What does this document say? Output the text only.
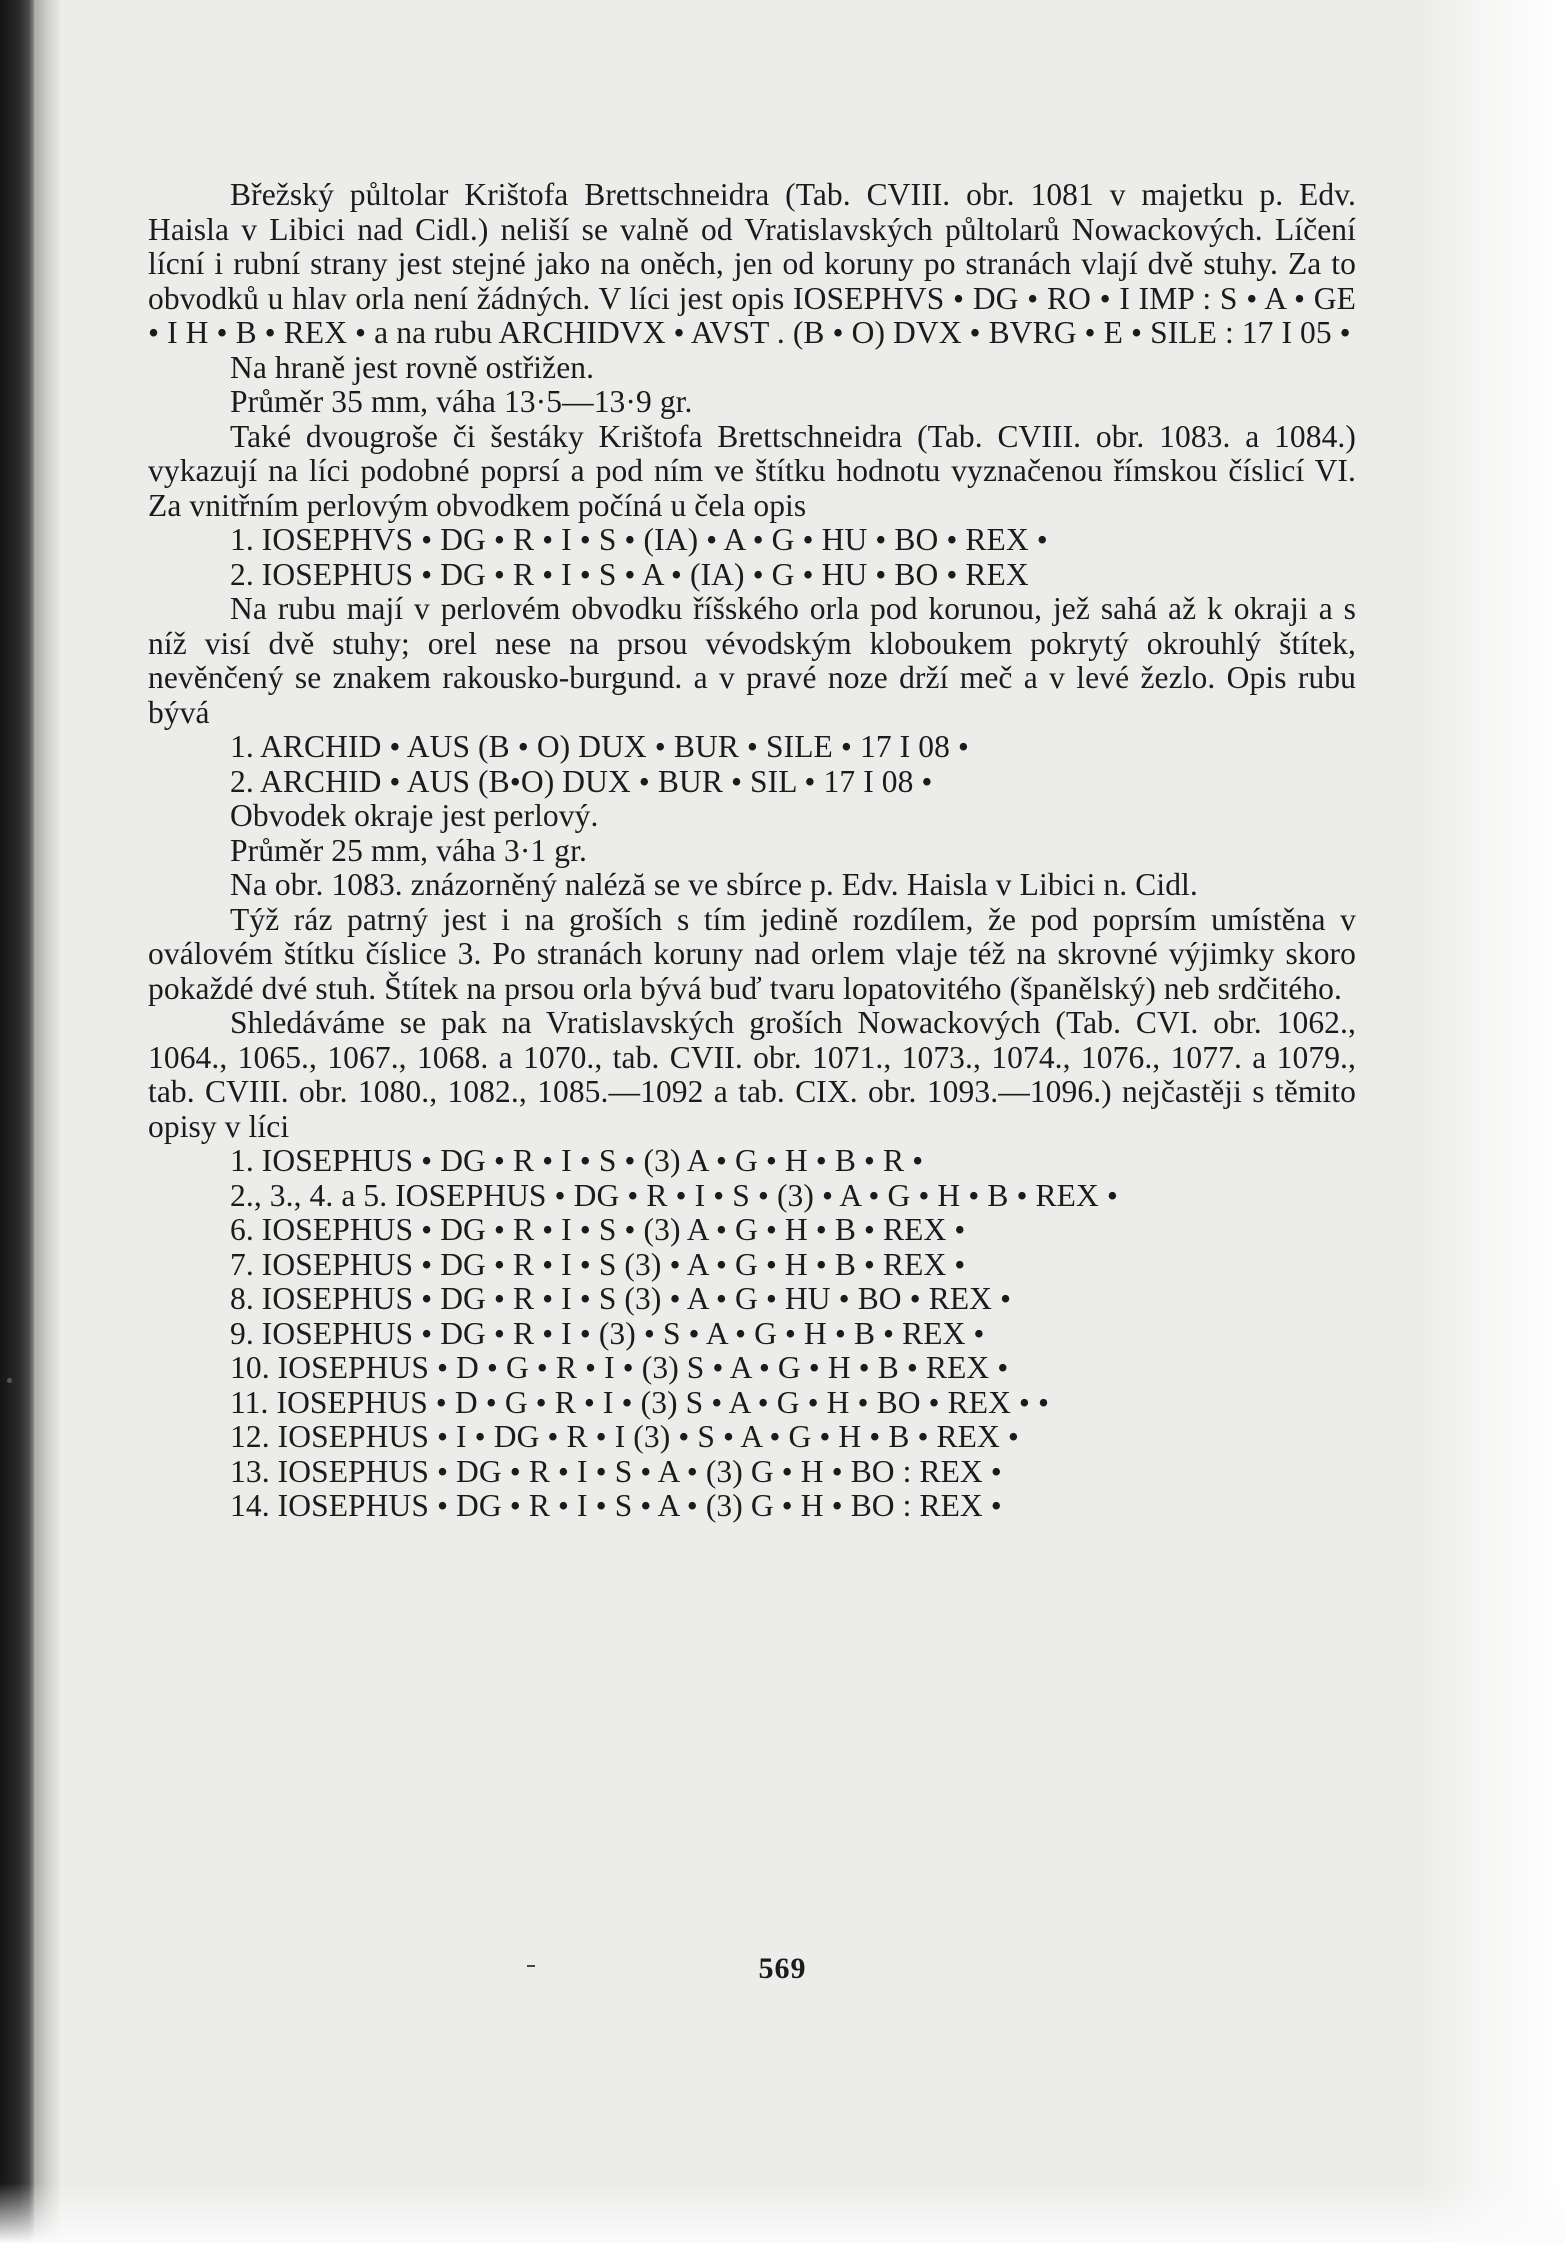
Břežský půltolar Krištofa Brettschneidra (Tab. CVIII. obr. 1081 v majetku p. Edv. Haisla v Libici nad Cidl.) neliší se valně od Vratislavských půltolarů Nowackových. Líčení lícní i rubní strany jest stejné jako na oněch, jen od koruny po stranách vlají dvě stuhy. Za to obvodků u hlav orla není žádných. V líci jest opis IOSEPHVS • DG • RO • I IMP : S • A • GE • I H • B • REX • a na rubu ARCHIDVX • AVST . (B • O) DVX • BVRG • E • SILE : 17 I 05 •

Na hraně jest rovně ostřižen.

Průměr 35 mm, váha 13·5—13·9 gr.

Také dvougroše či šestáky Krištofa Brettschneidra (Tab. CVIII. obr. 1083. a 1084.) vykazují na líci podobné poprsí a pod ním ve štítku hodnotu vyznačenou římskou číslicí VI. Za vnitřním perlovým obvodkem počíná u čela opis

1. IOSEPHVS • DG • R • I • S • (IA) • A • G • HU • BO • REX •
2. IOSEPHUS • DG • R • I • S • A • (IA) • G • HU • BO • REX

Na rubu mají v perlovém obvodku říšského orla pod korunou, jež sahá až k okraji a s níž visí dvě stuhy; orel nese na prsou vévodským kloboukem pokrytý okrouhlý štítek, nevěnčený se znakem rakousko-burgund. a v pravé noze drží meč a v levé žezlo. Opis rubu bývá

1. ARCHID • AUS (B • O) DUX • BUR • SILE • 17 I 08 •
2. ARCHID • AUS (B•O) DUX • BUR • SIL • 17 I 08 •

Obvodek okraje jest perlový.

Průměr 25 mm, váha 3·1 gr.

Na obr. 1083. znázorněný naléză se ve sbírce p. Edv. Haisla v Libici n. Cidl.

Týž ráz patrný jest i na groších s tím jedině rozdílem, že pod poprsím umístěna v oválovém štítku číslice 3. Po stranách koruny nad orlem vlaje též na skrovné výjimky skoro pokaždé dvé stuh. Štítek na prsou orla bývá buď tvaru lopatovitého (španělský) neb srdčitého.

Shledáváme se pak na Vratislavských groších Nowackových (Tab. CVI. obr. 1062., 1064., 1065., 1067., 1068. a 1070., tab. CVII. obr. 1071., 1073., 1074., 1076., 1077. a 1079., tab. CVIII. obr. 1080., 1082., 1085.—1092 a tab. CIX. obr. 1093.—1096.) nejčastěji s těmito opisy v líci

1. IOSEPHUS • DG • R • I • S • (3) A • G • H • B • R •
2., 3., 4. a 5. IOSEPHUS • DG • R • I • S • (3) • A • G • H • B • REX •
6. IOSEPHUS • DG • R • I • S • (3) A • G • H • B • REX •
7. IOSEPHUS • DG • R • I • S (3) • A • G • H • B • REX •
8. IOSEPHUS • DG • R • I • S (3) • A • G • HU • BO • REX •
9. IOSEPHUS • DG • R • I • (3) • S • A • G • H • B • REX •
10. IOSEPHUS • D • G • R • I • (3) S • A • G • H • B • REX •
11. IOSEPHUS • D • G • R • I • (3) S • A • G • H • BO • REX • •
12. IOSEPHUS • I • DG • R • I (3) • S • A • G • H • B • REX •
13. IOSEPHUS • DG • R • I • S • A • (3) G • H • BO : REX •
14. IOSEPHUS • DG • R • I • S • A • (3) G • H • BO : REX •
569
